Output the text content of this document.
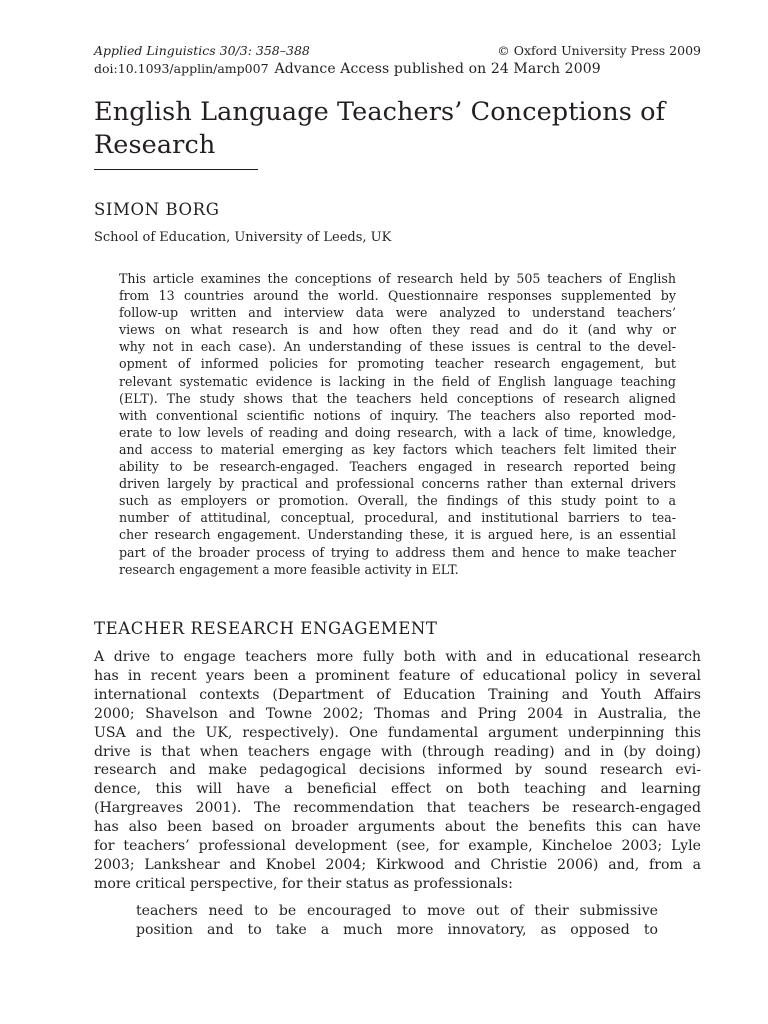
Applied Linguistics 30/3: 358–388	© Oxford University Press 2009
doi:10.1093/applin/amp007 Advance Access published on 24 March 2009
English Language Teachers’ Conceptions of Research
SIMON BORG
School of Education, University of Leeds, UK
This article examines the conceptions of research held by 505 teachers of English
from 13 countries around the world. Questionnaire responses supplemented by
follow-up written and interview data were analyzed to understand teachers’
views on what research is and how often they read and do it (and why or
why not in each case). An understanding of these issues is central to the devel-
opment of informed policies for promoting teacher research engagement, but
relevant systematic evidence is lacking in the field of English language teaching
(ELT). The study shows that the teachers held conceptions of research aligned
with conventional scientific notions of inquiry. The teachers also reported mod-
erate to low levels of reading and doing research, with a lack of time, knowledge,
and access to material emerging as key factors which teachers felt limited their
ability to be research-engaged. Teachers engaged in research reported being
driven largely by practical and professional concerns rather than external drivers
such as employers or promotion. Overall, the findings of this study point to a
number of attitudinal, conceptual, procedural, and institutional barriers to tea-
cher research engagement. Understanding these, it is argued here, is an essential
part of the broader process of trying to address them and hence to make teacher
research engagement a more feasible activity in ELT.
TEACHER RESEARCH ENGAGEMENT
A drive to engage teachers more fully both with and in educational research
has in recent years been a prominent feature of educational policy in several
international contexts (Department of Education Training and Youth Affairs
2000; Shavelson and Towne 2002; Thomas and Pring 2004 in Australia, the
USA and the UK, respectively). One fundamental argument underpinning this
drive is that when teachers engage with (through reading) and in (by doing)
research and make pedagogical decisions informed by sound research evi-
dence, this will have a beneficial effect on both teaching and learning
(Hargreaves 2001). The recommendation that teachers be research-engaged
has also been based on broader arguments about the benefits this can have
for teachers’ professional development (see, for example, Kincheloe 2003; Lyle
2003; Lankshear and Knobel 2004; Kirkwood and Christie 2006) and, from a
more critical perspective, for their status as professionals:
teachers need to be encouraged to move out of their submissive
position and to take a much more innovatory, as opposed to
